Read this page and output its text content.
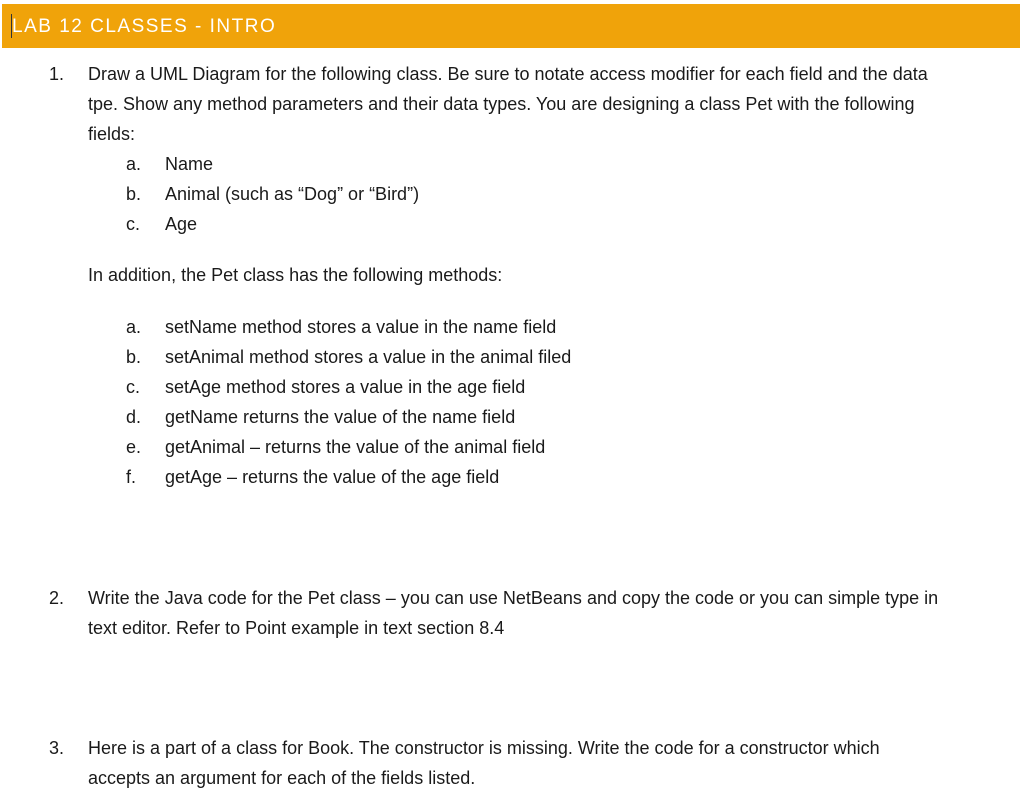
LAB 12 CLASSES - INTRO
1. Draw a UML Diagram for the following class. Be sure to notate access modifier for each field and the data
tpe. Show any method parameters and their data types. You are designing a class Pet with the following
fields:
a. Name
b. Animal (such as “Dog” or “Bird”)
c. Age
In addition, the Pet class has the following methods:
a. setName method stores a value in the name field
b. setAnimal method stores a value in the animal filed
c. setAge method stores a value in the age field
d. getName returns the value of the name field
e. getAnimal – returns the value of the animal field
f. getAge – returns the value of the age field
2. Write the Java code for the Pet class – you can use NetBeans and copy the code or you can simple type in
text editor. Refer to Point example in text section 8.4
3. Here is a part of a class for Book. The constructor is missing. Write the code for a constructor which
accepts an argument for each of the fields listed.
